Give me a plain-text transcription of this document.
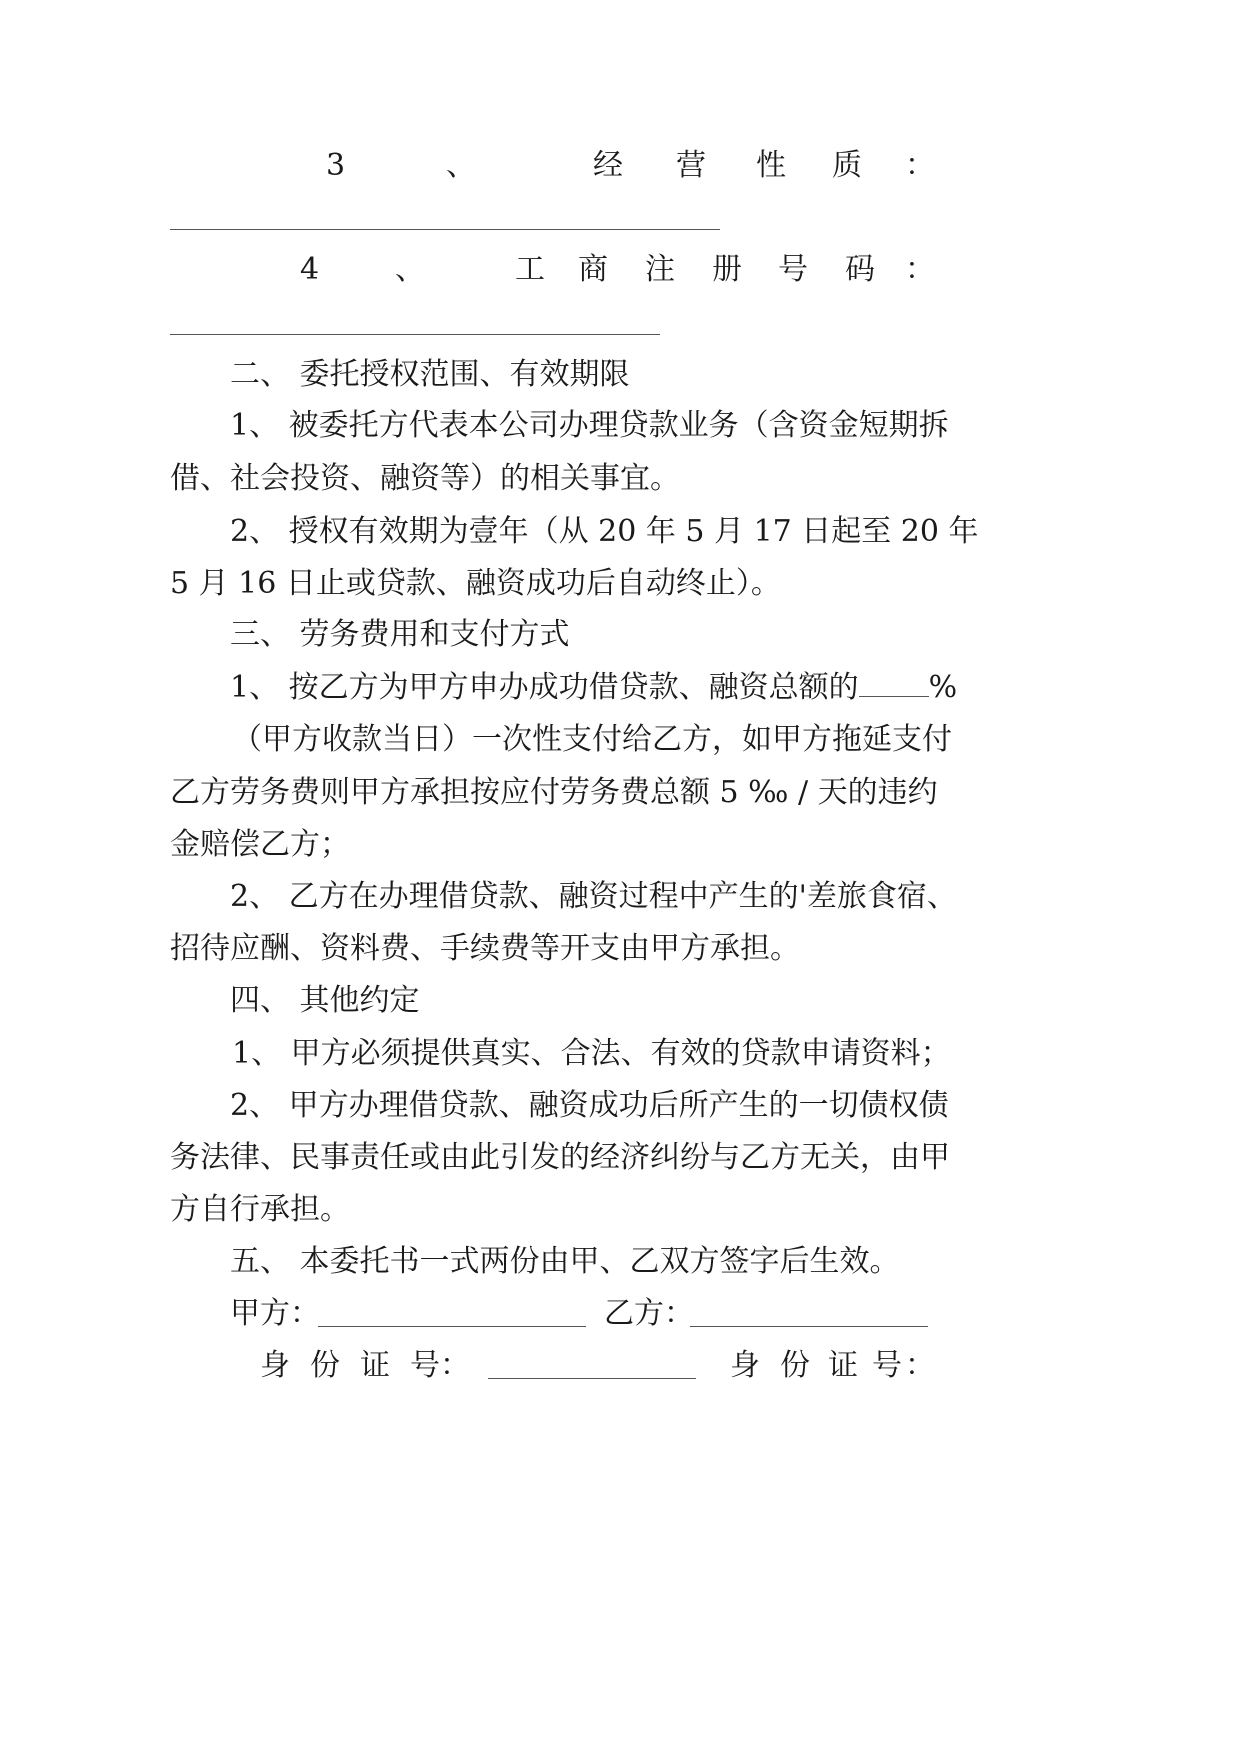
3	、	经 营 性 质 ：
4	、	工 商 注 册 号 码 ：
二、 委托授权范围、有效期限
1、 被委托方代表本公司办理贷款业务（含资金短期拆
借、社会投资、融资等）的相关事宜。
2、 授权有效期为壹年（从 20 年 5 月 17 日起至 20 年
5 月 16 日止或贷款、融资成功后自动终止）。
三、 劳务费用和支付方式
1、 按乙方为甲方申办成功借贷款、融资总额的 %
（甲方收款当日）一次性支付给乙方，如甲方拖延支付
乙方劳务费则甲方承担按应付劳务费总额 5 ‰ / 天的违约
金赔偿乙方；
2、 乙方在办理借贷款、融资过程中产生的'差旅食宿、
招待应酬、资料费、手续费等开支由甲方承担。
四、 其他约定
1、 甲方必须提供真实、合法、有效的贷款申请资料；
2、 甲方办理借贷款、融资成功后所产生的一切债权债
务法律、民事责任或由此引发的经济纠纷与乙方无关，由甲
方自行承担。
五、 本委托书一式两份由甲、乙双方签字后生效。
甲方：	乙方：
身 份 证 号 ：	身 份 证 号 ：
